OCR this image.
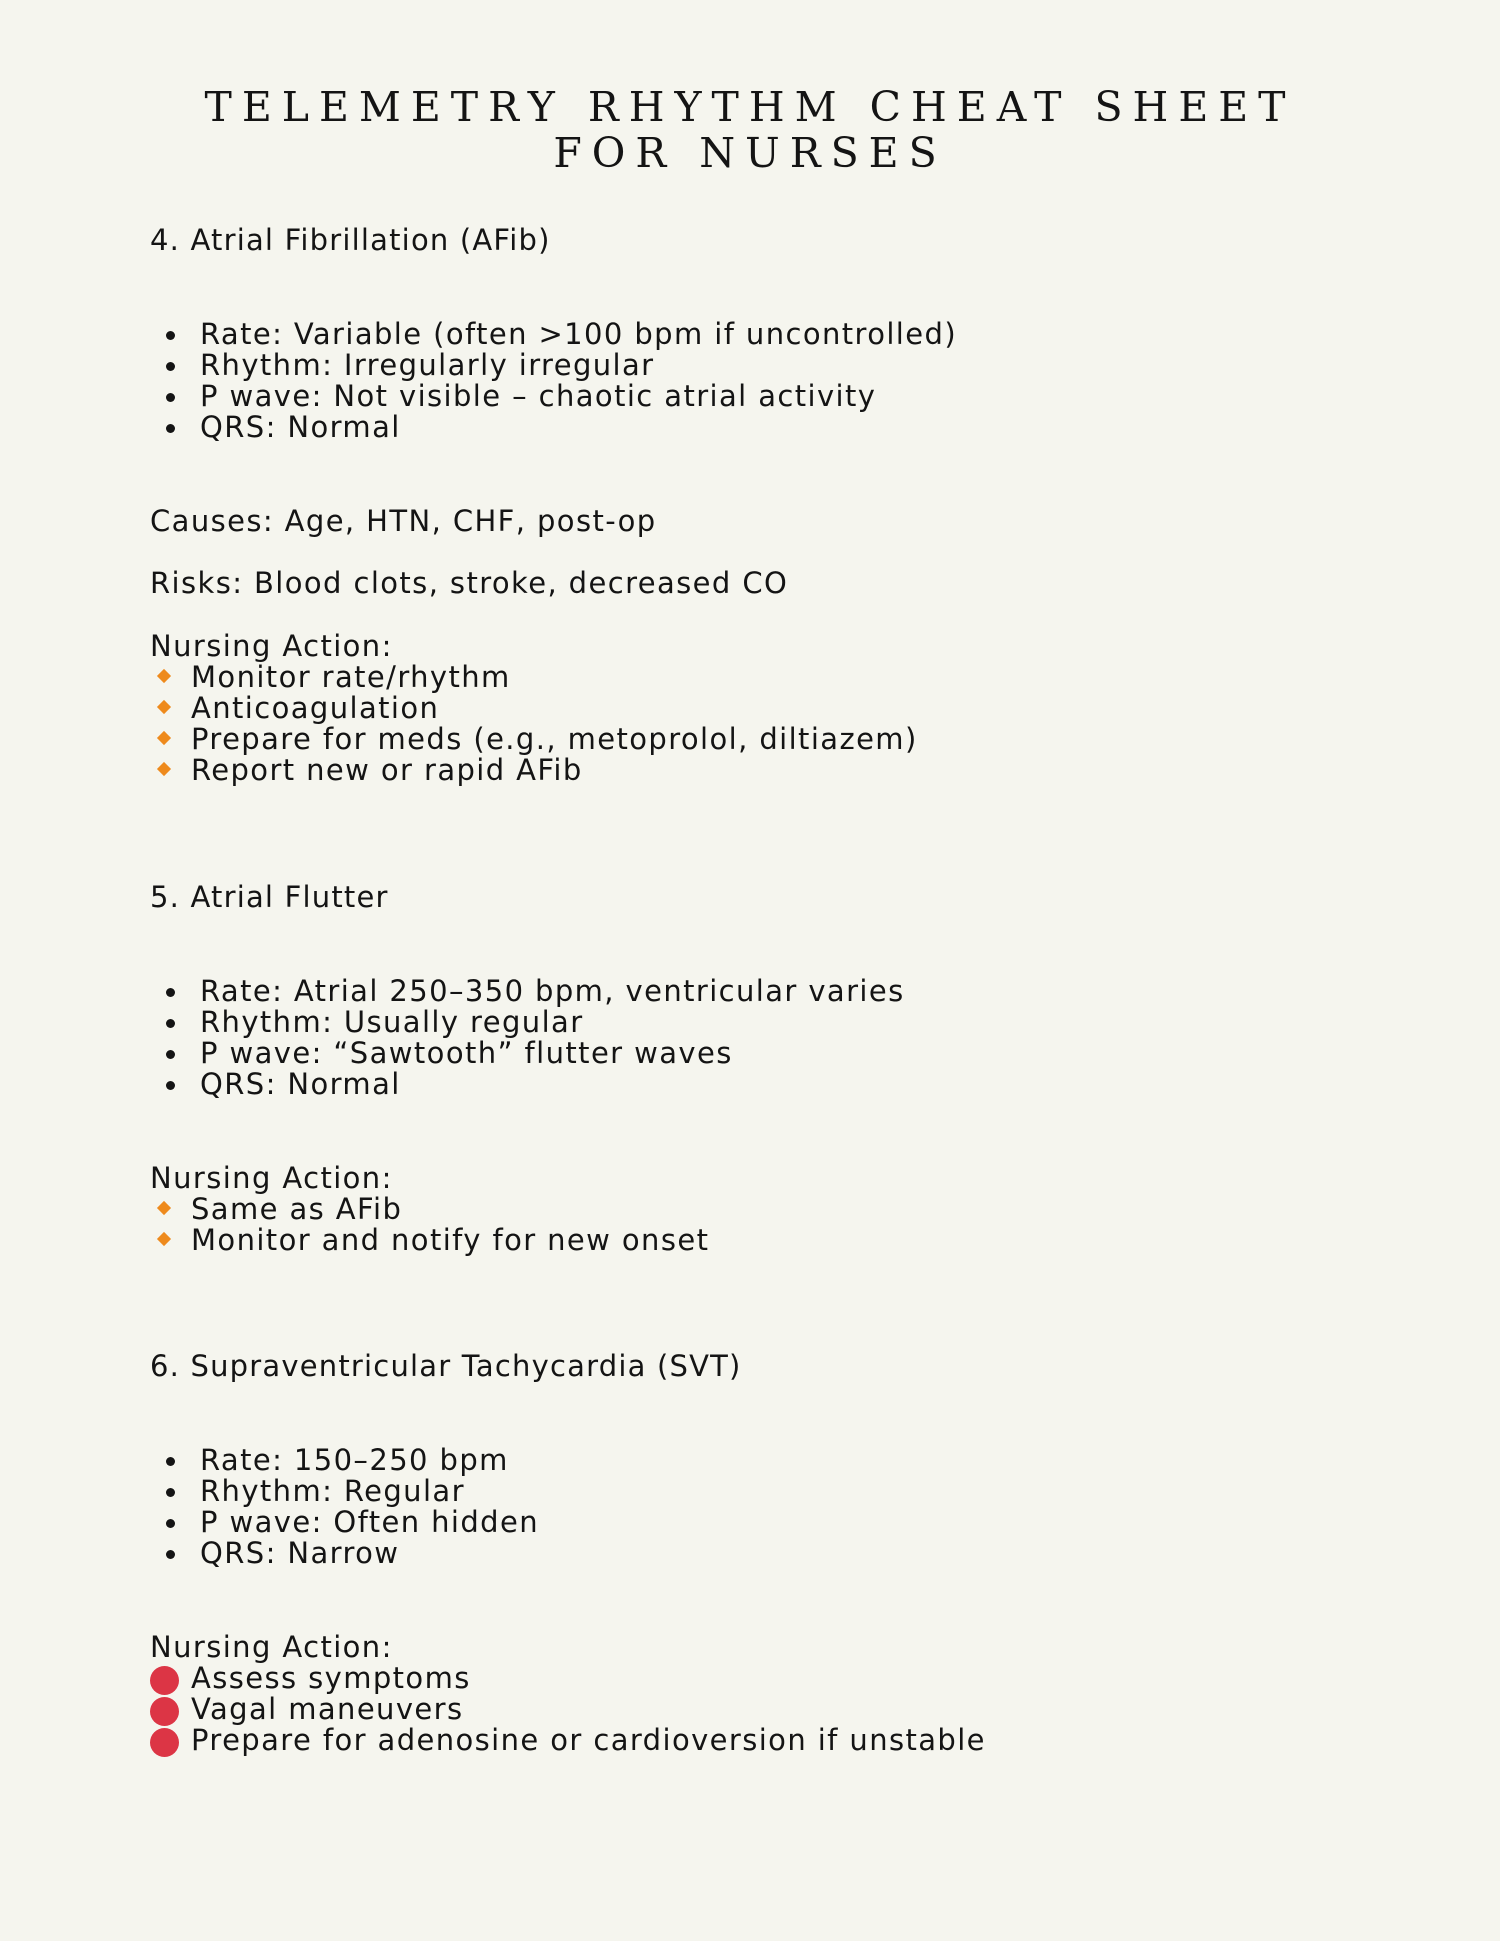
TELEMETRY RHYTHM CHEAT SHEET FOR NURSES
4. Atrial Fibrillation (AFib)
Rate: Variable (often >100 bpm if uncontrolled)
Rhythm: Irregularly irregular
P wave: Not visible – chaotic atrial activity
QRS: Normal
Causes: Age, HTN, CHF, post-op
Risks: Blood clots, stroke, decreased CO
Nursing Action:
Monitor rate/rhythm
Anticoagulation
Prepare for meds (e.g., metoprolol, diltiazem)
Report new or rapid AFib
5. Atrial Flutter
Rate: Atrial 250–350 bpm, ventricular varies
Rhythm: Usually regular
P wave: “Sawtooth” flutter waves
QRS: Normal
Nursing Action:
Same as AFib
Monitor and notify for new onset
6. Supraventricular Tachycardia (SVT)
Rate: 150–250 bpm
Rhythm: Regular
P wave: Often hidden
QRS: Narrow
Nursing Action:
Assess symptoms
Vagal maneuvers
Prepare for adenosine or cardioversion if unstable
